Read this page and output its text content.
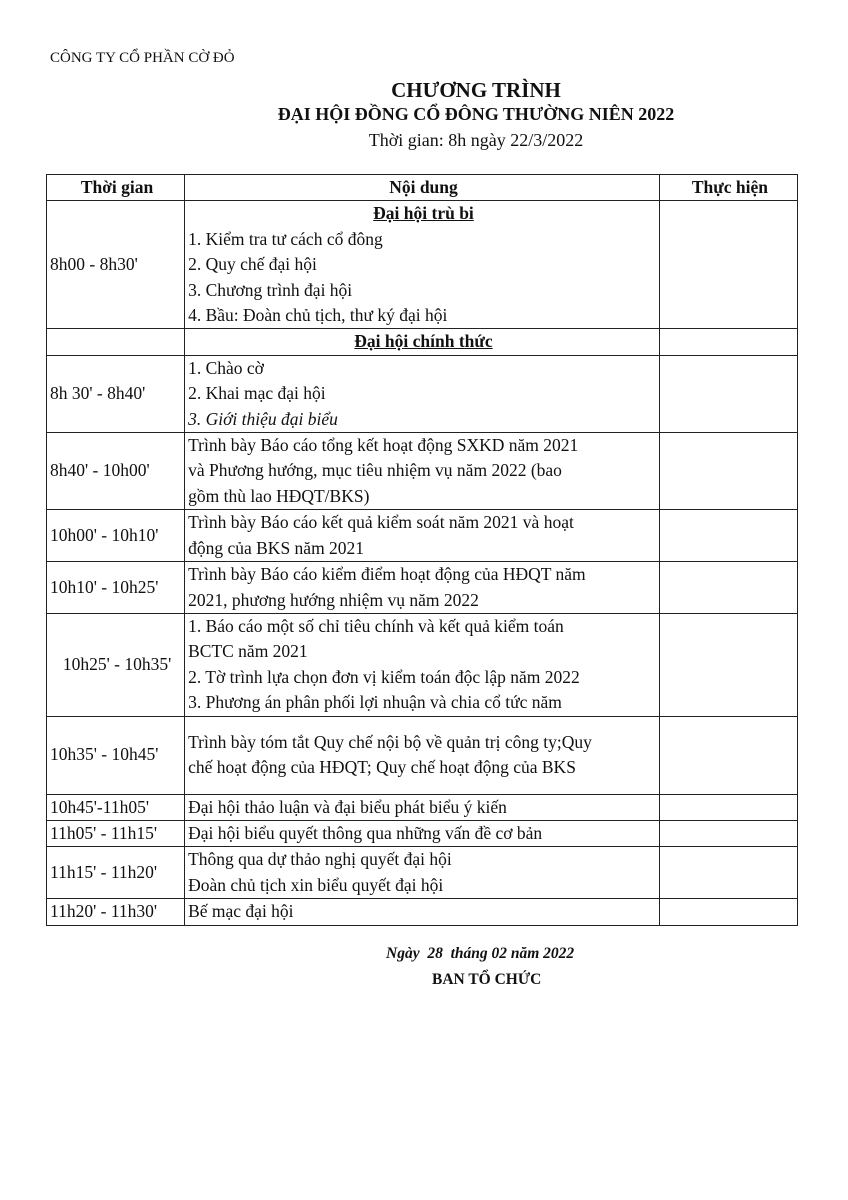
CÔNG TY CỔ PHẦN CỜ ĐỎ
CHƯƠNG TRÌNH
ĐẠI HỘI ĐỒNG CỔ ĐÔNG THƯỜNG NIÊN 2022
Thời gian: 8h ngày 22/3/2022
Thời gian	Nội dung	Thực hiện
8h00 - 8h30'	Đại hội trù bi
1. Kiểm tra tư cách cổ đông
2. Quy chế đại hội
3. Chương trình đại hội
4. Bầu: Đoàn chủ tịch, thư ký đại hội	

	Đại hội chính thức	
8h 30' - 8h40'	1. Chào cờ
2. Khai mạc đại hội
3. Giới thiệu đại biểu	

8h40' - 10h00'	Trình bày Báo cáo tổng kết hoạt động SXKD năm 2021
và Phương hướng, mục tiêu nhiệm vụ năm 2022 (bao
gồm thù lao HĐQT/BKS)	

10h00' - 10h10'	Trình bày Báo cáo kết quả kiểm soát năm 2021 và hoạt
động của BKS năm 2021	

10h10' - 10h25'	Trình bày Báo cáo kiểm điểm hoạt động của HĐQT năm
2021, phương hướng nhiệm vụ năm 2022	

10h25' - 10h35'	1. Báo cáo một số chỉ tiêu chính và kết quả kiểm toán
BCTC năm 2021
2. Tờ trình lựa chọn đơn vị kiểm toán độc lập năm 2022
3. Phương án phân phối lợi nhuận và chia cổ tức năm	

10h35' - 10h45'	Trình bày tóm tắt Quy chế nội bộ về quản trị công ty;Quy
chế hoạt động của HĐQT; Quy chế hoạt động của BKS	

10h45'-11h05'	Đại hội thảo luận và đại biểu phát biểu ý kiến	

11h05' - 11h15'	Đại hội biểu quyết thông qua những vấn đề cơ bản	

11h15' - 11h20'	Thông qua dự thảo nghị quyết đại hội
Đoàn chủ tịch xin biểu quyết đại hội	

11h20' - 11h30'	Bế mạc đại hội	

Ngày  28  tháng 02 năm 2022
BAN TỔ CHỨC
